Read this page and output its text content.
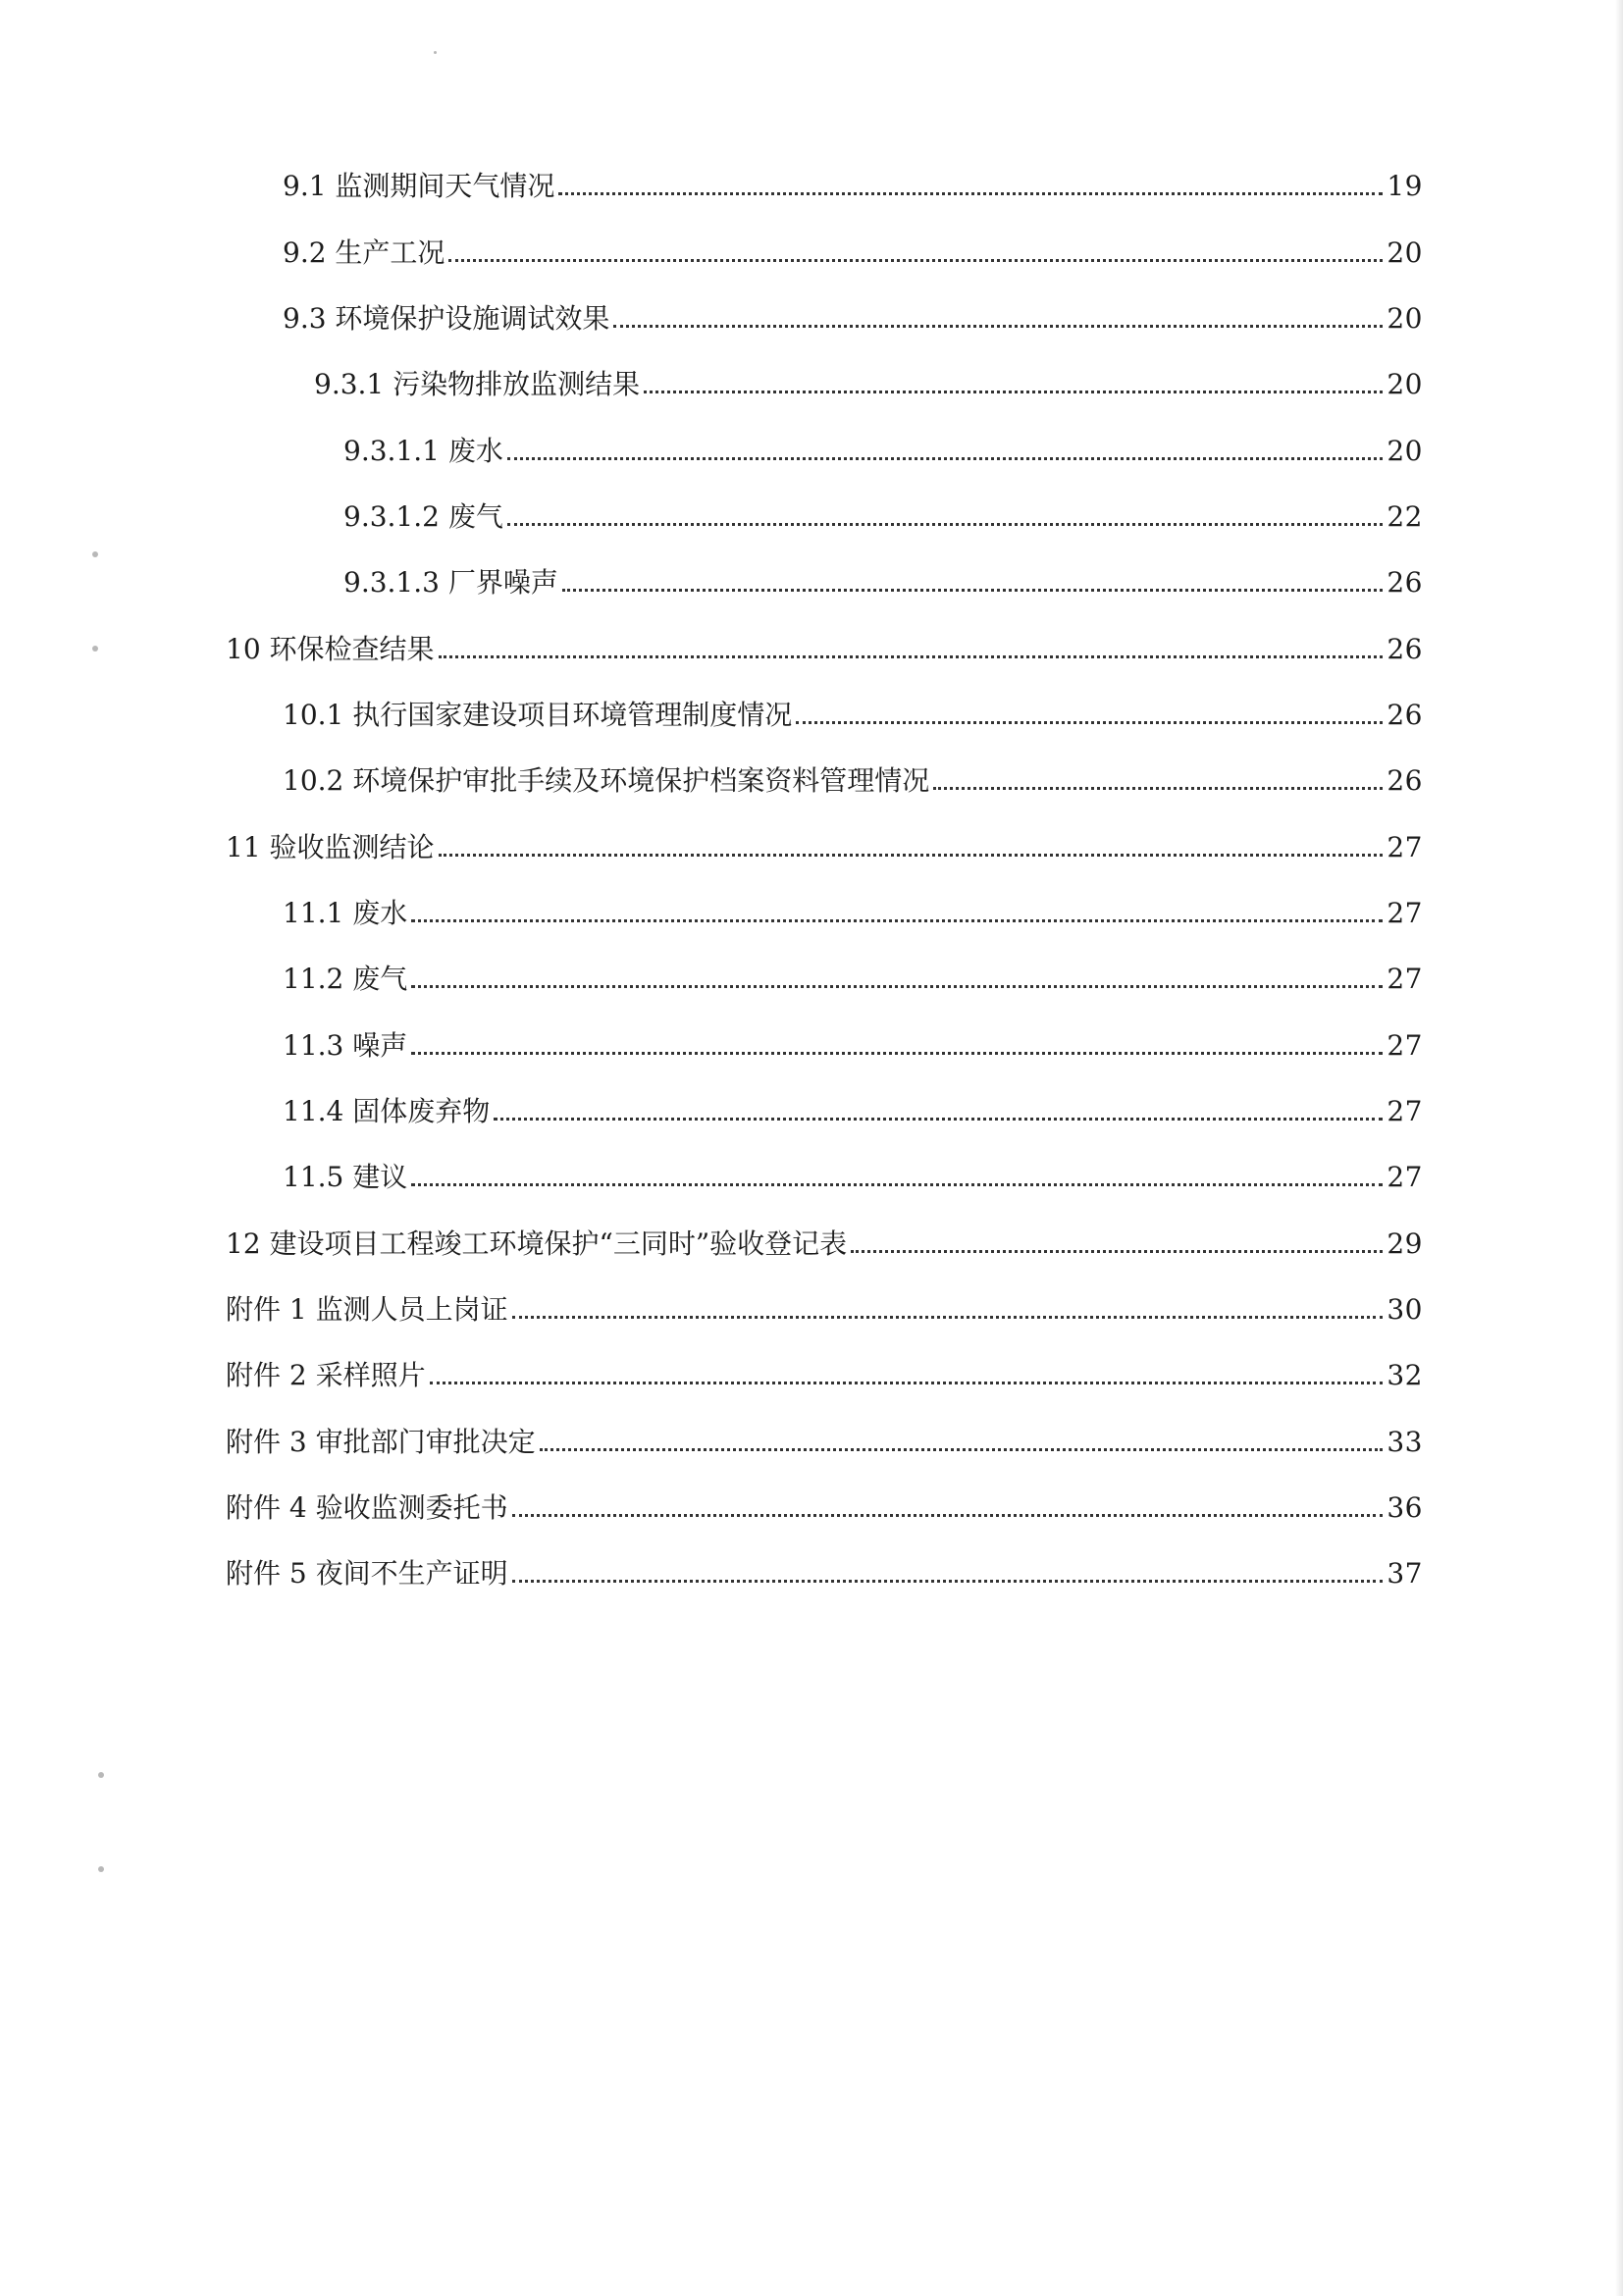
9.1 监测期间天气情况	19
9.2 生产工况	20
9.3 环境保护设施调试效果	20
9.3.1 污染物排放监测结果	20
9.3.1.1 废水	20
9.3.1.2 废气	22
9.3.1.3 厂界噪声	26
10 环保检查结果	26
10.1 执行国家建设项目环境管理制度情况	26
10.2 环境保护审批手续及环境保护档案资料管理情况	26
11 验收监测结论	27
11.1 废水	27
11.2 废气	27
11.3 噪声	27
11.4 固体废弃物	27
11.5 建议	27
12 建设项目工程竣工环境保护“三同时”验收登记表	29
附件 1 监测人员上岗证	30
附件 2 采样照片	32
附件 3 审批部门审批决定	33
附件 4 验收监测委托书	36
附件 5 夜间不生产证明	37
